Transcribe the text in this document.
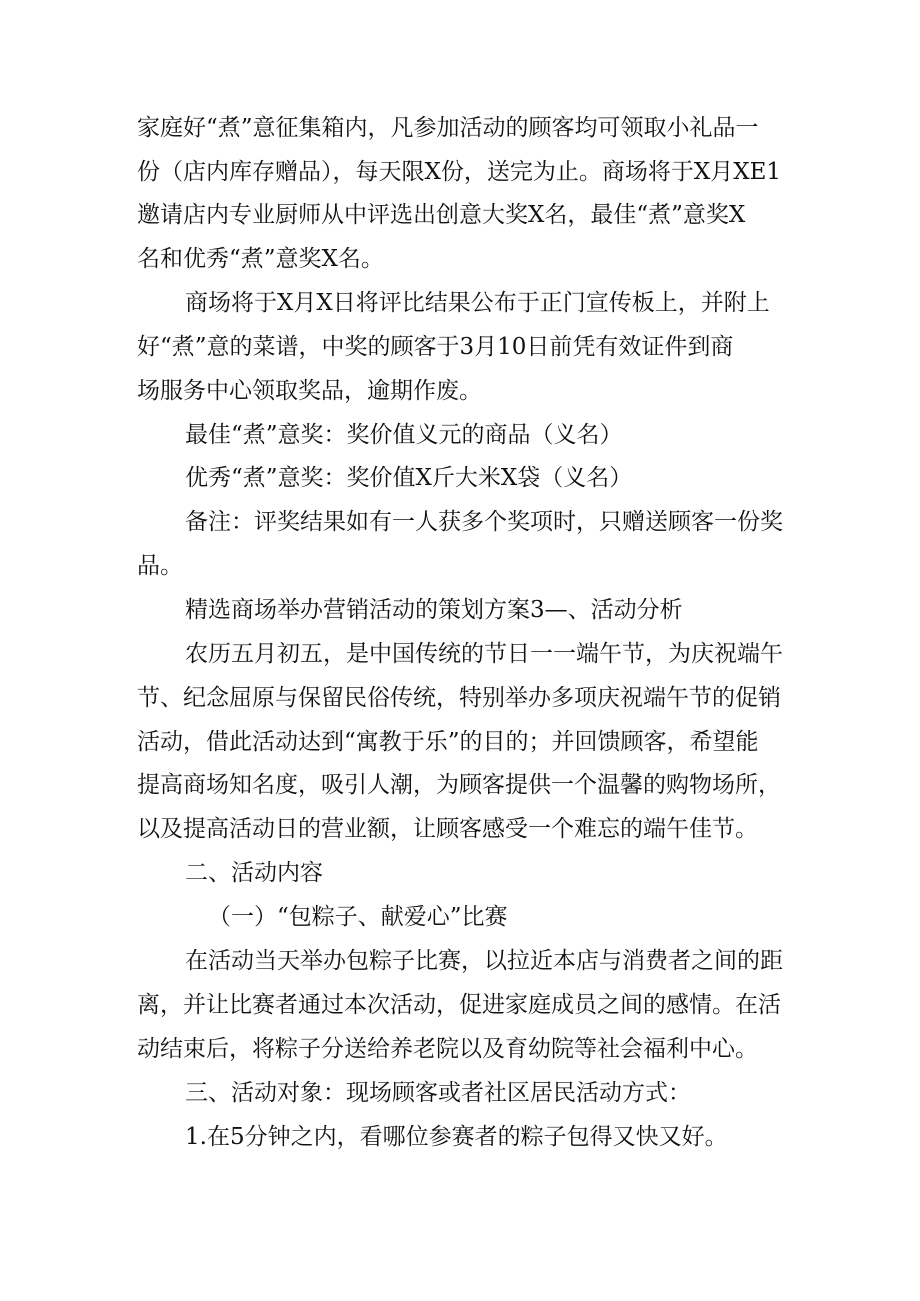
家庭好“煮”意征集箱内，凡参加活动的顾客均可领取小礼品一
份（店内库存赠品），每天限X份，送完为止。商场将于X月XE1
邀请店内专业厨师从中评选出创意大奖X名，最佳“煮”意奖X
名和优秀“煮”意奖X名。
商场将于X月X日将评比结果公布于正门宣传板上，并附上
好“煮”意的菜谱，中奖的顾客于3月10日前凭有效证件到商
场服务中心领取奖品，逾期作废。
最佳“煮”意奖：奖价值义元的商品（义名）
优秀“煮”意奖：奖价值X斤大米X袋（义名）
备注：评奖结果如有一人获多个奖项时，只赠送顾客一份奖
品。
精选商场举办营销活动的策划方案3—、活动分析
农历五月初五，是中国传统的节日一一端午节，为庆祝端午
节、纪念屈原与保留民俗传统，特别举办多项庆祝端午节的促销
活动，借此活动达到“寓教于乐”的目的；并回馈顾客，希望能
提高商场知名度，吸引人潮，为顾客提供一个温馨的购物场所，
以及提高活动日的营业额，让顾客感受一个难忘的端午佳节。
二、活动内容
（一）“包粽子、献爱心”比赛
在活动当天举办包粽子比赛，以拉近本店与消费者之间的距
离，并让比赛者通过本次活动，促进家庭成员之间的感情。在活
动结束后，将粽子分送给养老院以及育幼院等社会福利中心。
三、活动对象：现场顾客或者社区居民活动方式：
1.在5分钟之内，看哪位参赛者的粽子包得又快又好。
